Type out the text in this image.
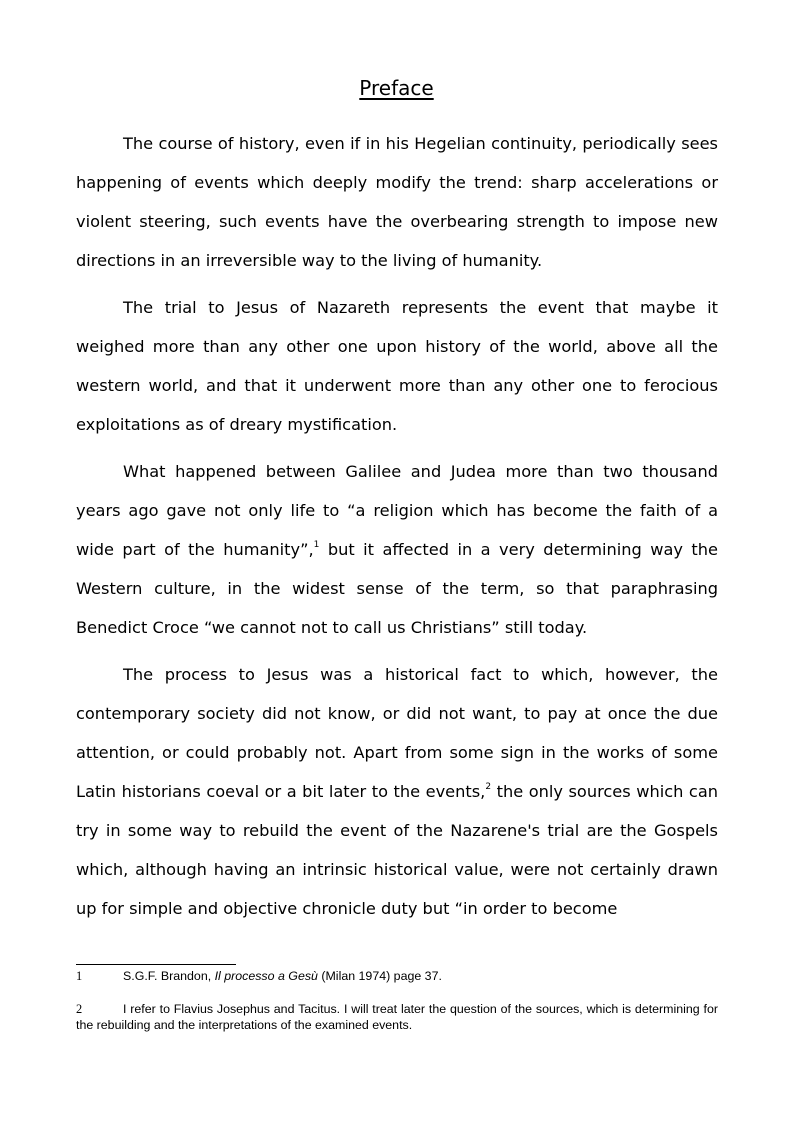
Preface

The course of history, even if in his Hegelian continuity, periodically sees happening of events which deeply modify the trend: sharp accelerations or violent steering, such events have the overbearing strength to impose new directions in an irreversible way to the living of humanity.

The trial to Jesus of Nazareth represents the event that maybe it weighed more than any other one upon history of the world, above all the western world, and that it underwent more than any other one to ferocious exploitations as of dreary mystification.

What happened between Galilee and Judea more than two thousand years ago gave not only life to “a religion which has become the faith of a wide part of the humanity”,$^1$ but it affected in a very determining way the Western culture, in the widest sense of the term, so that paraphrasing Benedict Croce “we cannot not to call us Christians” still today.

The process to Jesus was a historical fact to which, however, the contemporary society did not know, or did not want, to pay at once the due attention, or could probably not. Apart from some sign in the works of some Latin historians coeval or a bit later to the events,$^2$ the only sources which can try in some way to rebuild the event of the Nazarene's trial are the Gospels which, although having an intrinsic historical value, were not certainly drawn up for simple and objective chronicle duty but “in order to become

1	S.G.F. Brandon, Il processo a Gesù (Milan 1974) page 37.
2	I refer to Flavius Josephus and Tacitus. I will treat later the question of the sources, which is determining for the rebuilding and the interpretations of the examined events.
